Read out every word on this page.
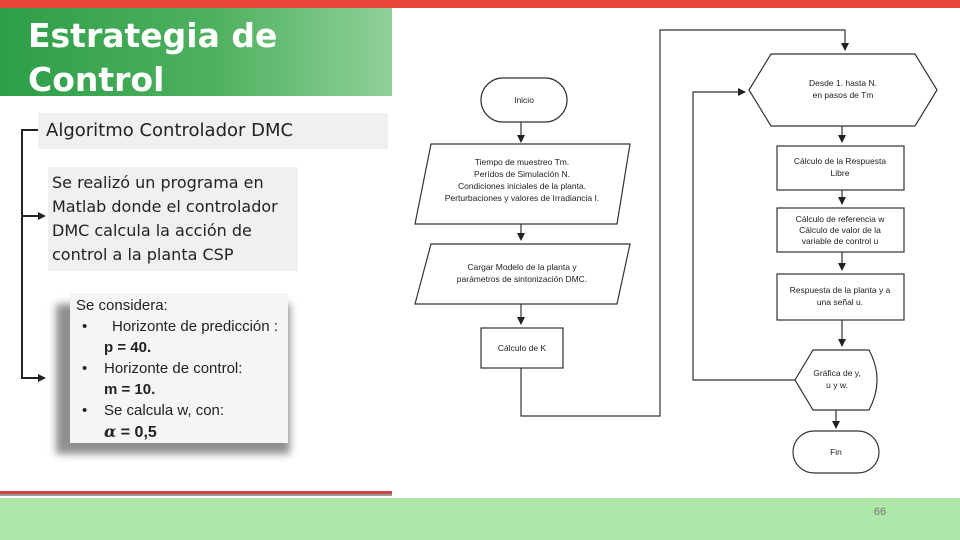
Estrategia de
Control
Algoritmo Controlador DMC
Se realizó un programa en Matlab donde el controlador DMC calcula la acción de control a la planta CSP
Se considera:
•	Horizonte de predicción :
p = 40.
•	Horizonte de control:
m = 10.
•	Se calcula w, con:
α = 0,5
Inicio
Tiempo de muestreo Tm.
Perídos de Simulación N.
Condiciones iniciales de la planta.
Perturbaciones y valores de Irradiancia I.
Cargar Modelo de la planta y
parámetros de sintonización DMC.
Cálculo de K
Desde 1. hasta N.
en pasos de Tm
Cálculo de la Respuesta
Libre
Cálculo de referencia w
Cálculo de valor de la
variable de control u
Respuesta de la planta y a
una señal u.
Gráfica de y,
u y w.
Fin
66
